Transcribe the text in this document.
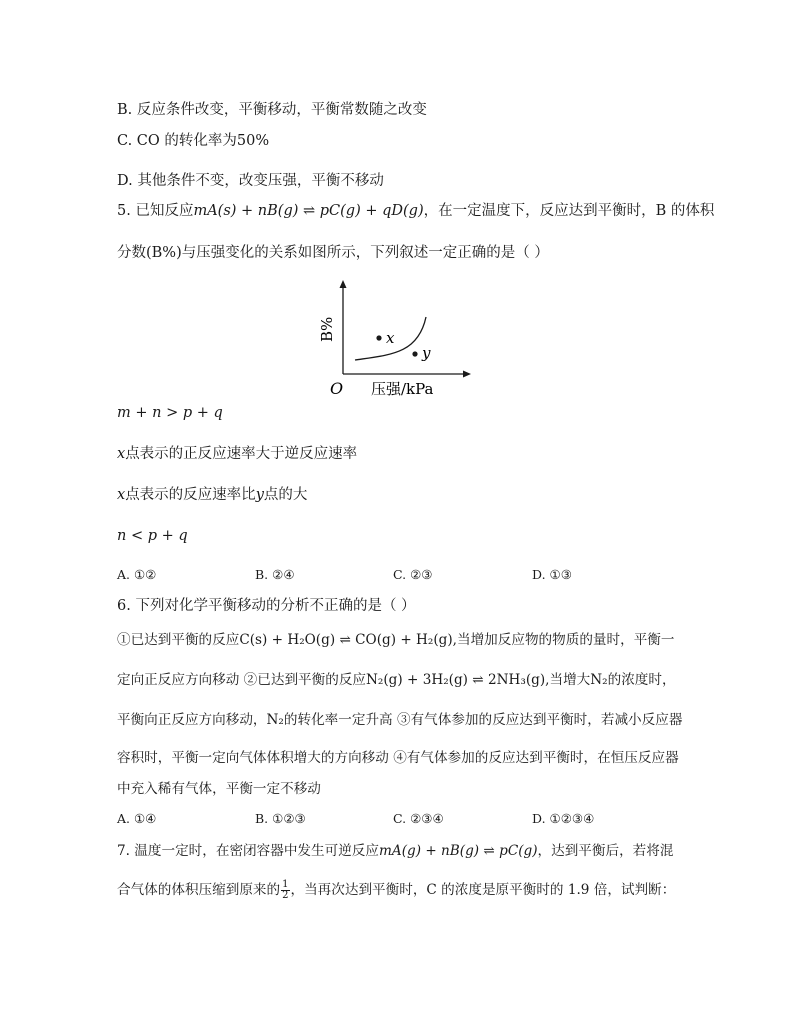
B. 反应条件改变，平衡移动，平衡常数随之改变
C. CO 的转化率为50%
D. 其他条件不变，改变压强，平衡不移动
5. 已知反应mA(s) + nB(g) ⇌ pC(g) + qD(g)，在一定温度下，反应达到平衡时，B 的体积
分数(B%)与压强变化的关系如图所示，下列叙述一定正确的是（ ）
x
y
O 压强/kPa
B%
m + n > p + q
x点表示的正反应速率大于逆反应速率
x点表示的反应速率比y点的大
n < p + q
A. ①②	B. ②④	C. ②③	D. ①③
6. 下列对化学平衡移动的分析不正确的是（ ）
①已达到平衡的反应C(s) + H₂O(g) ⇌ CO(g) + H₂(g),当增加反应物的物质的量时，平衡一
定向正反应方向移动 ②已达到平衡的反应N₂(g) + 3H₂(g) ⇌ 2NH₃(g),当增大N₂的浓度时，
平衡向正反应方向移动，N₂的转化率一定升高 ③有气体参加的反应达到平衡时，若减小反应器
容积时，平衡一定向气体体积增大的方向移动 ④有气体参加的反应达到平衡时，在恒压反应器
中充入稀有气体，平衡一定不移动
A. ①④	B. ①②③	C. ②③④	D. ①②③④
7. 温度一定时，在密闭容器中发生可逆反应mA(g) + nB(g) ⇌ pC(g)，达到平衡后，若将混
合气体的体积压缩到原来的 $\frac{1}{2}$ ，当再次达到平衡时，C 的浓度是原平衡时的 1.9 倍，试判断：
